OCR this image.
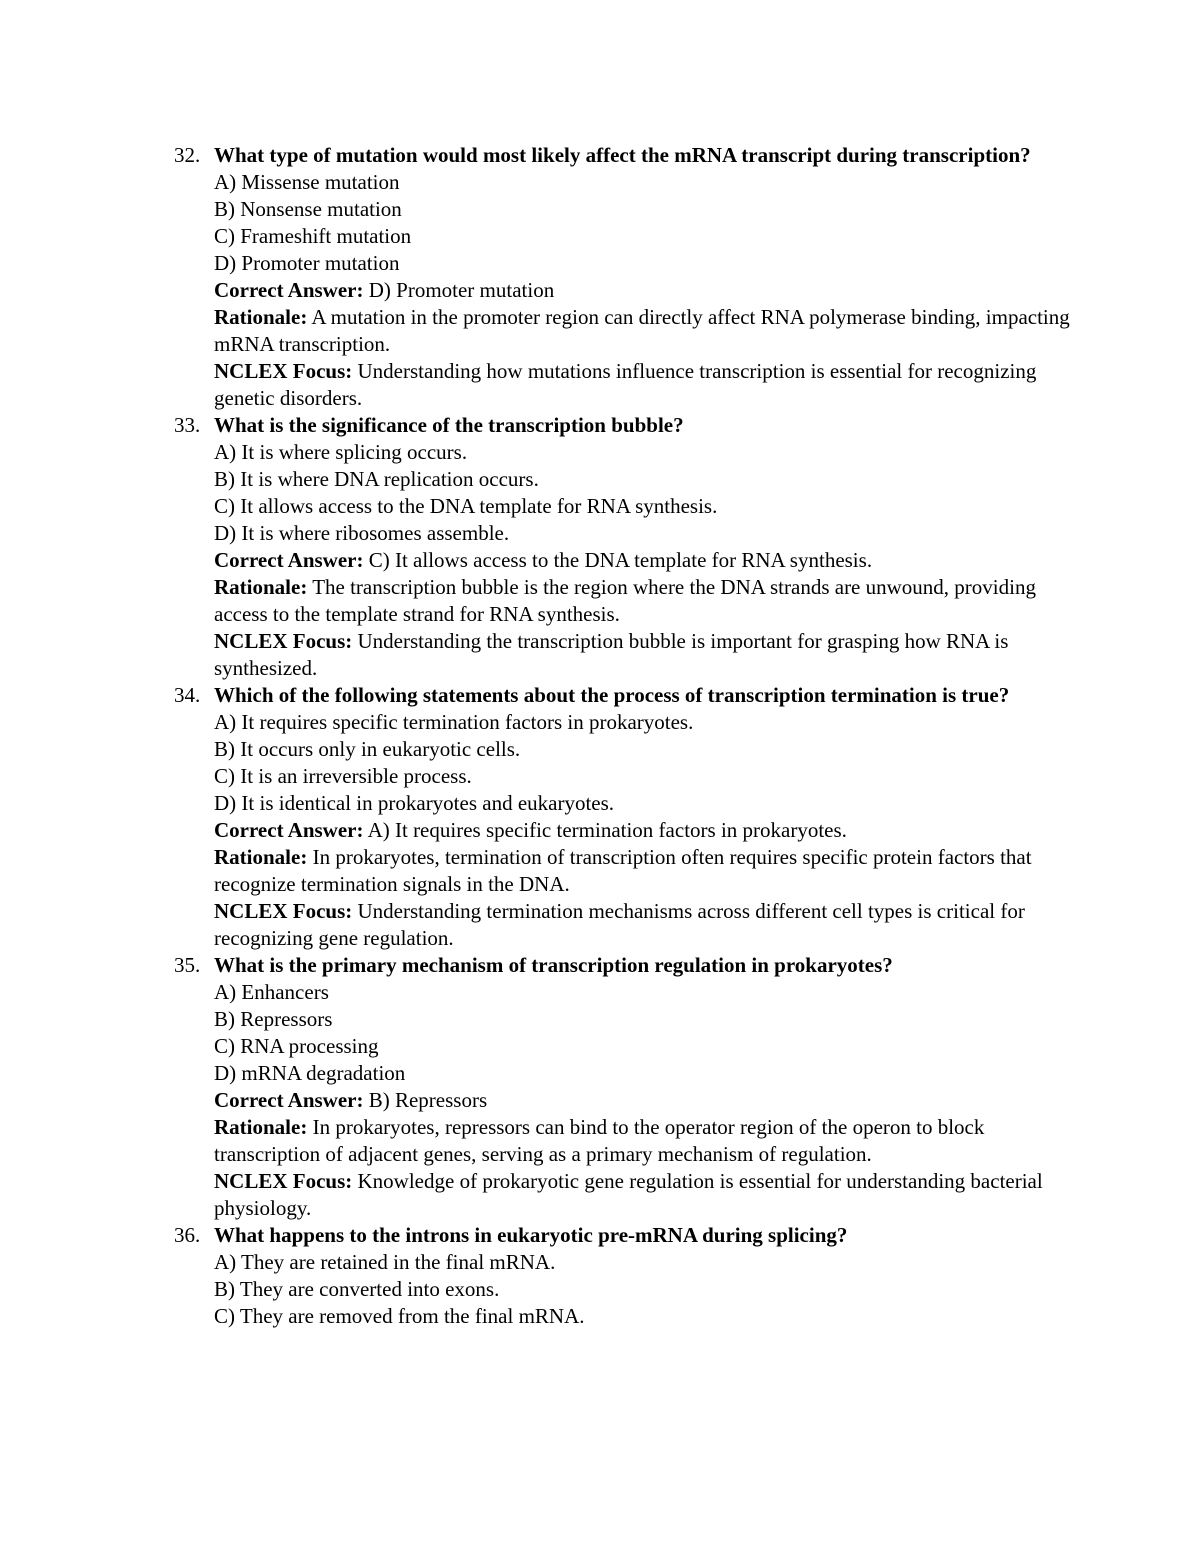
32. What type of mutation would most likely affect the mRNA transcript during transcription?
A) Missense mutation
B) Nonsense mutation
C) Frameshift mutation
D) Promoter mutation
Correct Answer: D) Promoter mutation
Rationale: A mutation in the promoter region can directly affect RNA polymerase binding, impacting mRNA transcription.
NCLEX Focus: Understanding how mutations influence transcription is essential for recognizing genetic disorders.
33. What is the significance of the transcription bubble?
A) It is where splicing occurs.
B) It is where DNA replication occurs.
C) It allows access to the DNA template for RNA synthesis.
D) It is where ribosomes assemble.
Correct Answer: C) It allows access to the DNA template for RNA synthesis.
Rationale: The transcription bubble is the region where the DNA strands are unwound, providing access to the template strand for RNA synthesis.
NCLEX Focus: Understanding the transcription bubble is important for grasping how RNA is synthesized.
34. Which of the following statements about the process of transcription termination is true?
A) It requires specific termination factors in prokaryotes.
B) It occurs only in eukaryotic cells.
C) It is an irreversible process.
D) It is identical in prokaryotes and eukaryotes.
Correct Answer: A) It requires specific termination factors in prokaryotes.
Rationale: In prokaryotes, termination of transcription often requires specific protein factors that recognize termination signals in the DNA.
NCLEX Focus: Understanding termination mechanisms across different cell types is critical for recognizing gene regulation.
35. What is the primary mechanism of transcription regulation in prokaryotes?
A) Enhancers
B) Repressors
C) RNA processing
D) mRNA degradation
Correct Answer: B) Repressors
Rationale: In prokaryotes, repressors can bind to the operator region of the operon to block transcription of adjacent genes, serving as a primary mechanism of regulation.
NCLEX Focus: Knowledge of prokaryotic gene regulation is essential for understanding bacterial physiology.
36. What happens to the introns in eukaryotic pre-mRNA during splicing?
A) They are retained in the final mRNA.
B) They are converted into exons.
C) They are removed from the final mRNA.
